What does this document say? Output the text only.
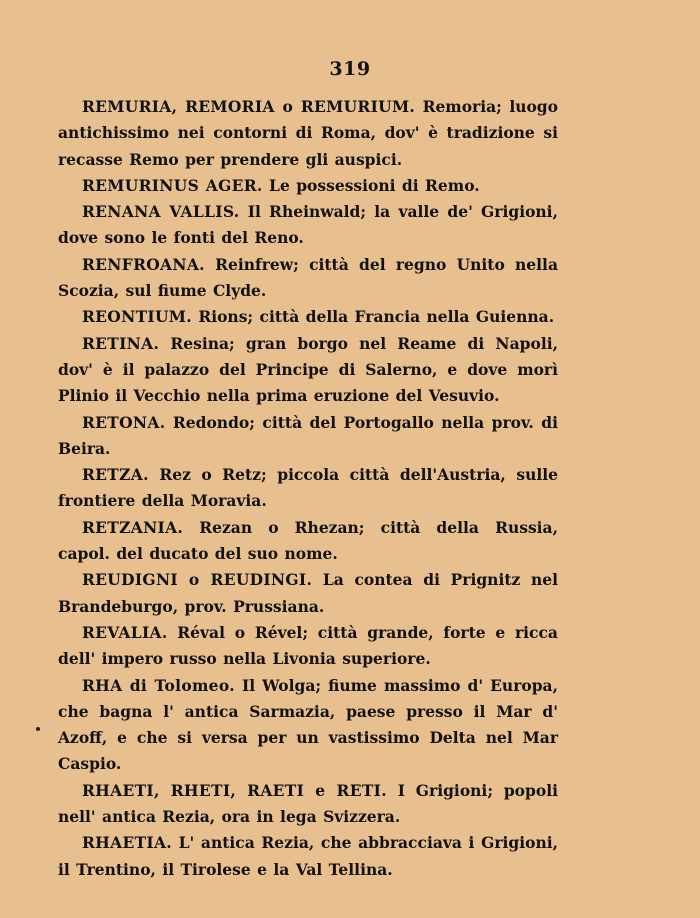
319

REMURIA, REMORIA o REMURIUM. Remoria; luogo antichissimo nei contorni di Roma, dov' è tradizione si recasse Remo per prendere gli auspici.

REMURINUS AGER. Le possessioni di Remo.

RENANA VALLIS. Il Rheinwald; la valle de' Grigioni, dove sono le fonti del Reno.

RENFROANA. Reinfrew; città del regno Unito nella Scozia, sul fiume Clyde.

REONTIUM. Rions; città della Francia nella Guienna.

RETINA. Resina; gran borgo nel Reame di Napoli, dov' è il palazzo del Principe di Salerno, e dove morì Plinio il Vecchio nella prima eruzione del Vesuvio.

RETONA. Redondo; città del Portogallo nella prov. di Beira.

RETZA. Rez o Retz; piccola città dell'Austria, sulle frontiere della Moravia.

RETZANIA. Rezan o Rhezan; città della Russia, capol. del ducato del suo nome.

REUDIGNI o REUDINGI. La contea di Prignitz nel Brandeburgo, prov. Prussiana.

REVALIA. Réval o Rével; città grande, forte e ricca dell' impero russo nella Livonia superiore.

RHA di Tolomeo. Il Wolga; fiume massimo d' Europa, che bagna l' antica Sarmazia, paese presso il Mar d' Azoff, e che si versa per un vastissimo Delta nel Mar Caspio.

RHAETI, RHETI, RAETI e RETI. I Grigioni; popoli nell' antica Rezia, ora in lega Svizzera.

RHAETIA. L' antica Rezia, che abbracciava i Grigioni, il Trentino, il Tirolese e la Val Tellina.
